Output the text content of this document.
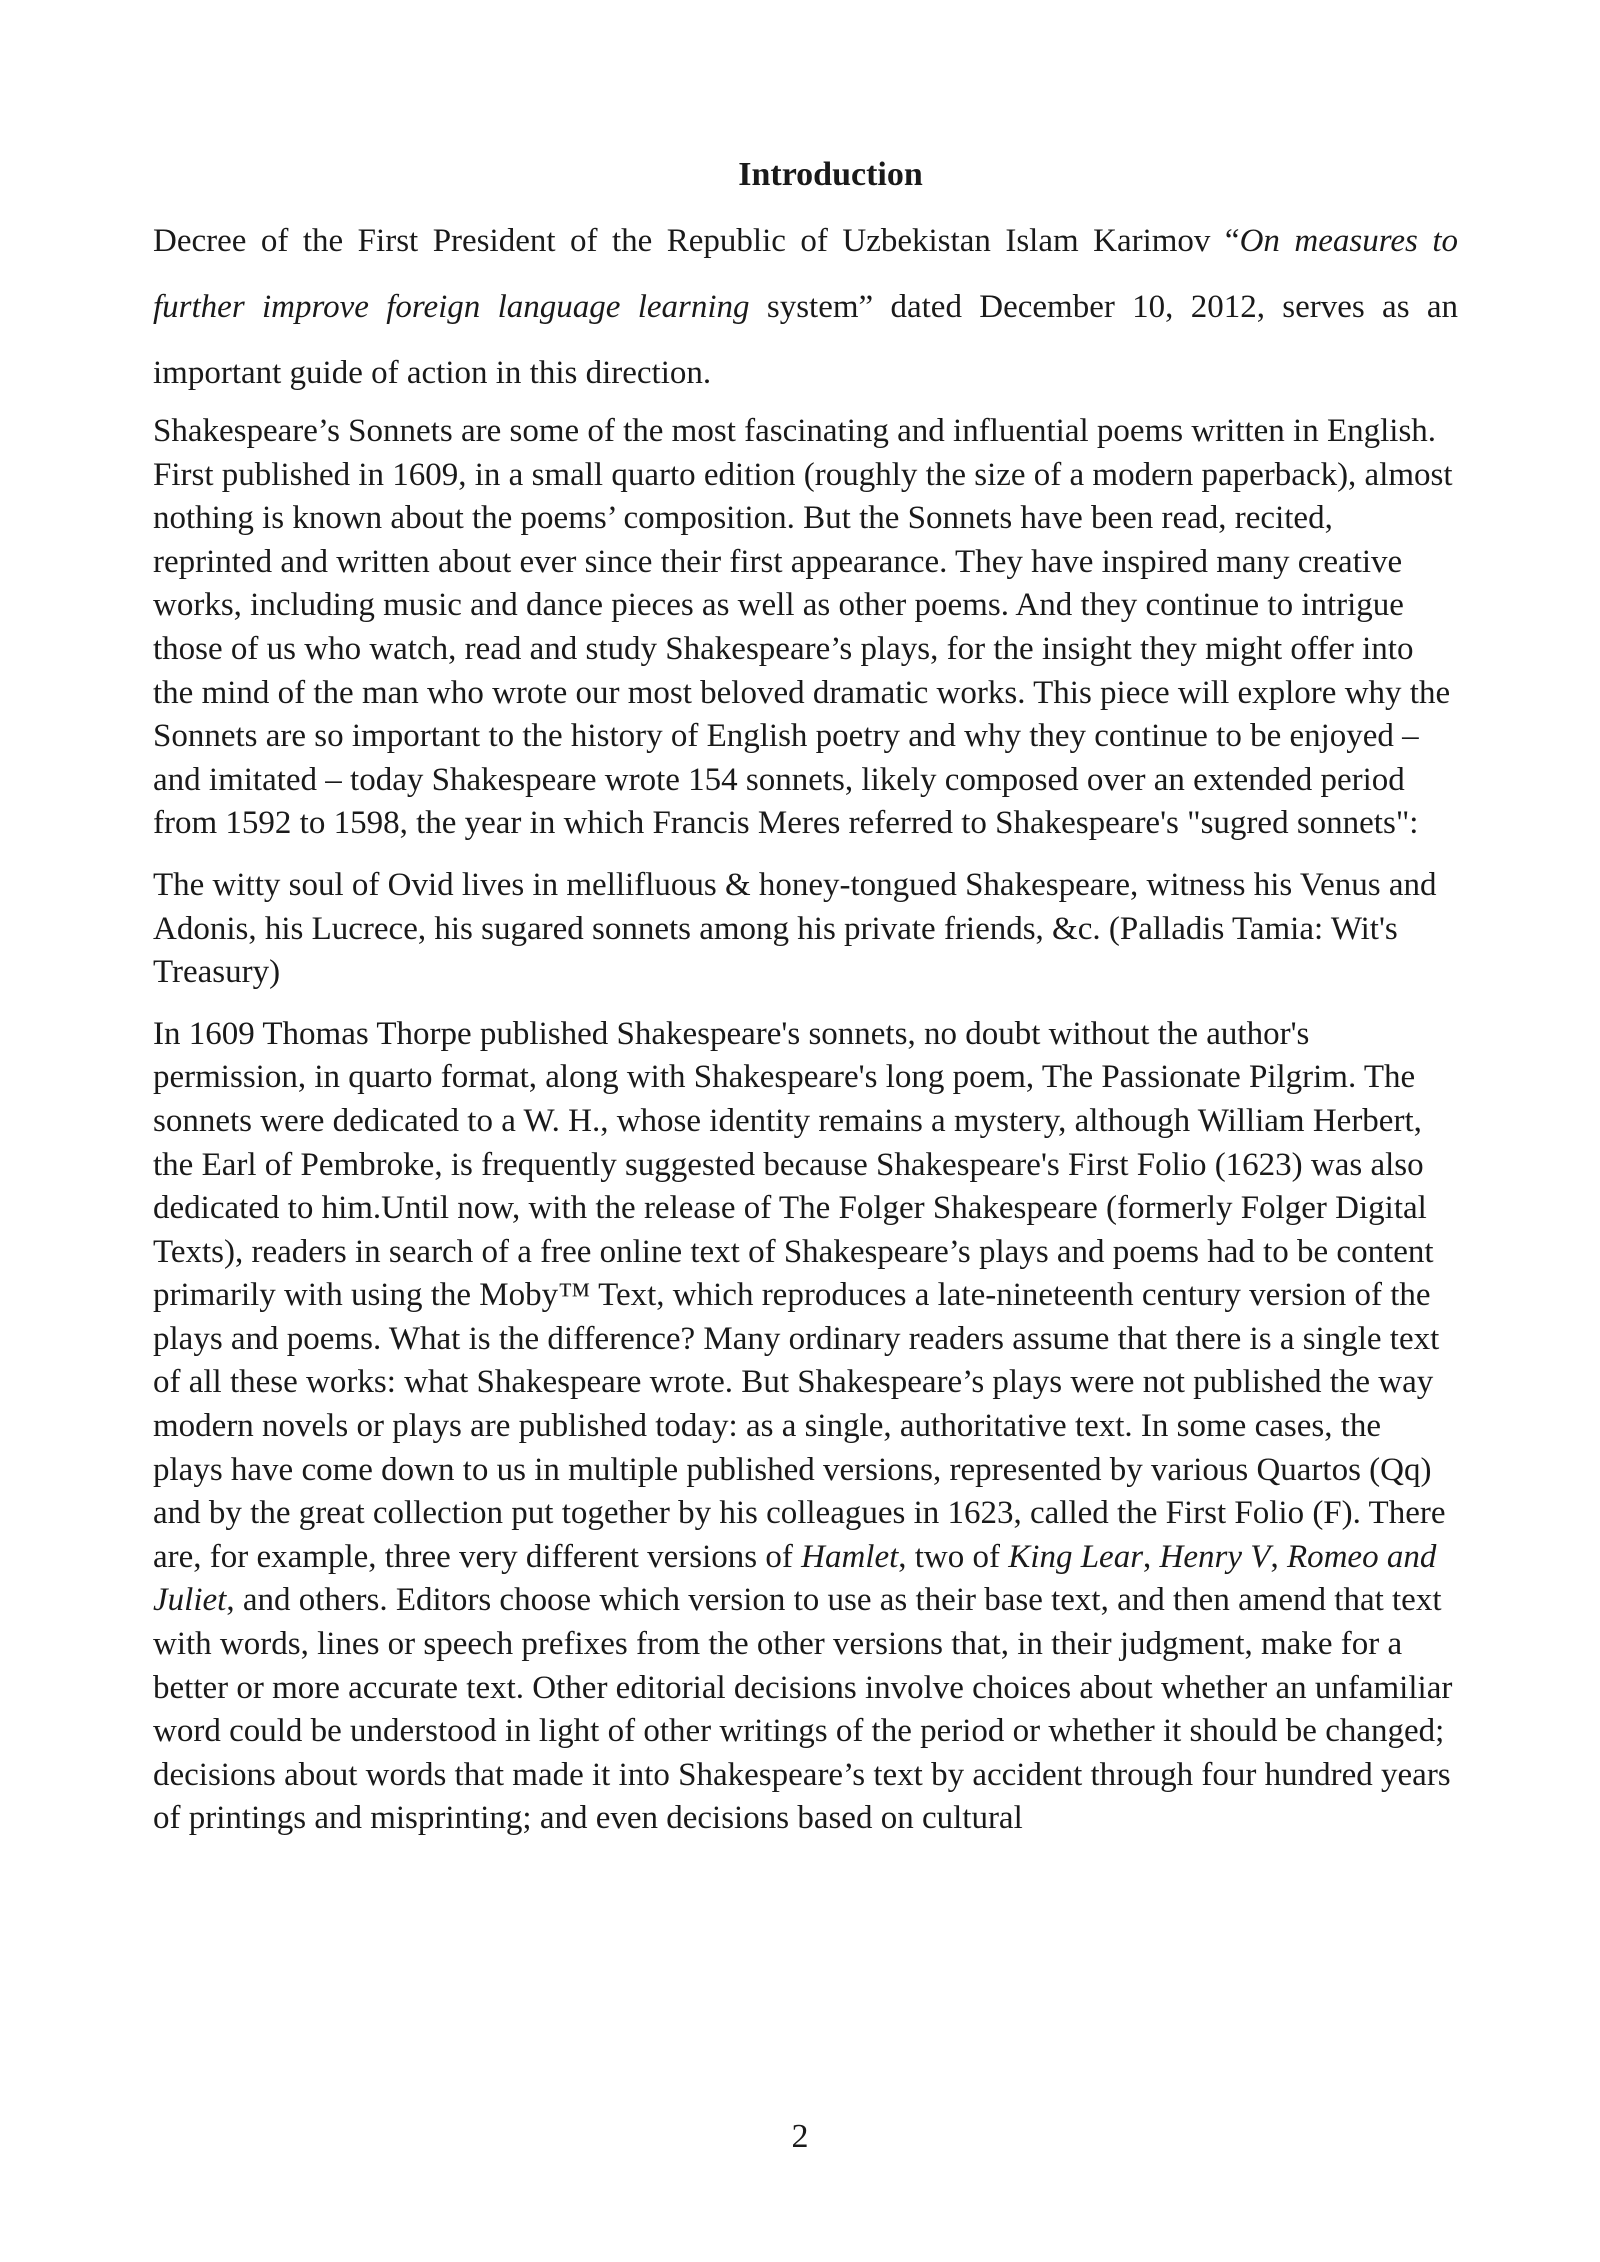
Introduction

Decree of the First President of the Republic of Uzbekistan Islam Karimov “On measures to further improve foreign language learning system” dated December 10, 2012, serves as an important guide of action in this direction.

Shakespeare’s Sonnets are some of the most fascinating and influential poems written in English. First published in 1609, in a small quarto edition (roughly the size of a modern paperback), almost nothing is known about the poems’ composition. But the Sonnets have been read, recited, reprinted and written about ever since their first appearance. They have inspired many creative works, including music and dance pieces as well as other poems. And they continue to intrigue those of us who watch, read and study Shakespeare’s plays, for the insight they might offer into the mind of the man who wrote our most beloved dramatic works. This piece will explore why the Sonnets are so important to the history of English poetry and why they continue to be enjoyed – and imitated – today Shakespeare wrote 154 sonnets, likely composed over an extended period from 1592 to 1598, the year in which Francis Meres referred to Shakespeare's "sugred sonnets":

The witty soul of Ovid lives in mellifluous & honey-tongued Shakespeare, witness his Venus and Adonis, his Lucrece, his sugared sonnets among his private friends, &c. (Palladis Tamia: Wit's Treasury)

In 1609 Thomas Thorpe published Shakespeare's sonnets, no doubt without the author's permission, in quarto format, along with Shakespeare's long poem, The Passionate Pilgrim. The sonnets were dedicated to a W. H., whose identity remains a mystery, although William Herbert, the Earl of Pembroke, is frequently suggested because Shakespeare's First Folio (1623) was also dedicated to him.Until now, with the release of The Folger Shakespeare (formerly Folger Digital Texts), readers in search of a free online text of Shakespeare’s plays and poems had to be content primarily with using the Moby™ Text, which reproduces a late-nineteenth century version of the plays and poems. What is the difference? Many ordinary readers assume that there is a single text of all these works: what Shakespeare wrote. But Shakespeare’s plays were not published the way modern novels or plays are published today: as a single, authoritative text. In some cases, the plays have come down to us in multiple published versions, represented by various Quartos (Qq) and by the great collection put together by his colleagues in 1623, called the First Folio (F). There are, for example, three very different versions of Hamlet, two of King Lear, Henry V, Romeo and Juliet, and others. Editors choose which version to use as their base text, and then amend that text with words, lines or speech prefixes from the other versions that, in their judgment, make for a better or more accurate text. Other editorial decisions involve choices about whether an unfamiliar word could be understood in light of other writings of the period or whether it should be changed; decisions about words that made it into Shakespeare’s text by accident through four hundred years of printings and misprinting; and even decisions based on cultural

2
